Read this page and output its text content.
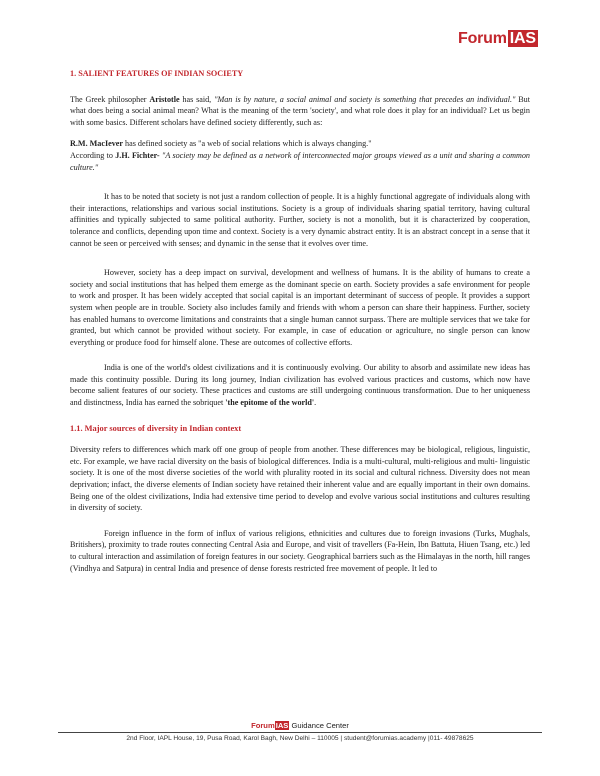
Forum IAS

1. SALIENT FEATURES OF INDIAN SOCIETY

The Greek philosopher Aristotle has said, "Man is by nature, a social animal and society is something that precedes an individual." But what does being a social animal mean? What is the meaning of the term 'society', and what role does it play for an individual? Let us begin with some basics. Different scholars have defined society differently, such as:

R.M. MacIever has defined society as "a web of social relations which is always changing."

According to J.H. Fichter- "A society may be defined as a network of interconnected major groups viewed as a unit and sharing a common culture."

It has to be noted that society is not just a random collection of people. It is a highly functional aggregate of individuals along with their interactions, relationships and various social institutions. Society is a group of individuals sharing spatial territory, having cultural affinities and typically subjected to same political authority. Further, society is not a monolith, but it is characterized by cooperation, tolerance and conflicts, depending upon time and context. Society is a very dynamic abstract entity. It is an abstract concept in a sense that it cannot be seen or perceived with senses; and dynamic in the sense that it evolves over time.

However, society has a deep impact on survival, development and wellness of humans. It is the ability of humans to create a society and social institutions that has helped them emerge as the dominant specie on earth. Society provides a safe environment for people to work and prosper. It has been widely accepted that social capital is an important determinant of success of people. It provides a support system when people are in trouble. Society also includes family and friends with whom a person can share their happiness. Further, society has enabled humans to overcome limitations and constraints that a single human cannot surpass. There are multiple services that we take for granted, but which cannot be provided without society. For example, in case of education or agriculture, no single person can know everything or produce food for himself alone. These are outcomes of collective efforts.

India is one of the world's oldest civilizations and it is continuously evolving. Our ability to absorb and assimilate new ideas has made this continuity possible. During its long journey, Indian civilization has evolved various practices and customs, which now have become salient features of our society. These practices and customs are still undergoing continuous transformation. Due to her uniqueness and distinctness, India has earned the sobriquet 'the epitome of the world'.

1.1. Major sources of diversity in Indian context

Diversity refers to differences which mark off one group of people from another. These differences may be biological, religious, linguistic, etc. For example, we have racial diversity on the basis of biological differences. India is a multi-cultural, multi-religious and multi- linguistic society. It is one of the most diverse societies of the world with plurality rooted in its social and cultural richness. Diversity does not mean deprivation; infact, the diverse elements of Indian society have retained their inherent value and are equally important in their own domains. Being one of the oldest civilizations, India had extensive time period to develop and evolve various social institutions and cultures resulting in diversity of society.

Foreign influence in the form of influx of various religions, ethnicities and cultures due to foreign invasions (Turks, Mughals, Britishers), proximity to trade routes connecting Central Asia and Europe, and visit of travellers (Fa-Hein, Ibn Battuta, Hiuen Tsang, etc.) led to cultural interaction and assimilation of foreign features in our society. Geographical barriers such as the Himalayas in the north, hill ranges (Vindhya and Satpura) in central India and presence of dense forests restricted free movement of people. It led to

ForumIAS Guidance Center
2nd Floor, IAPL House, 19, Pusa Road, Karol Bagh, New Delhi – 110005 | student@forumias.academy |011- 49878625
